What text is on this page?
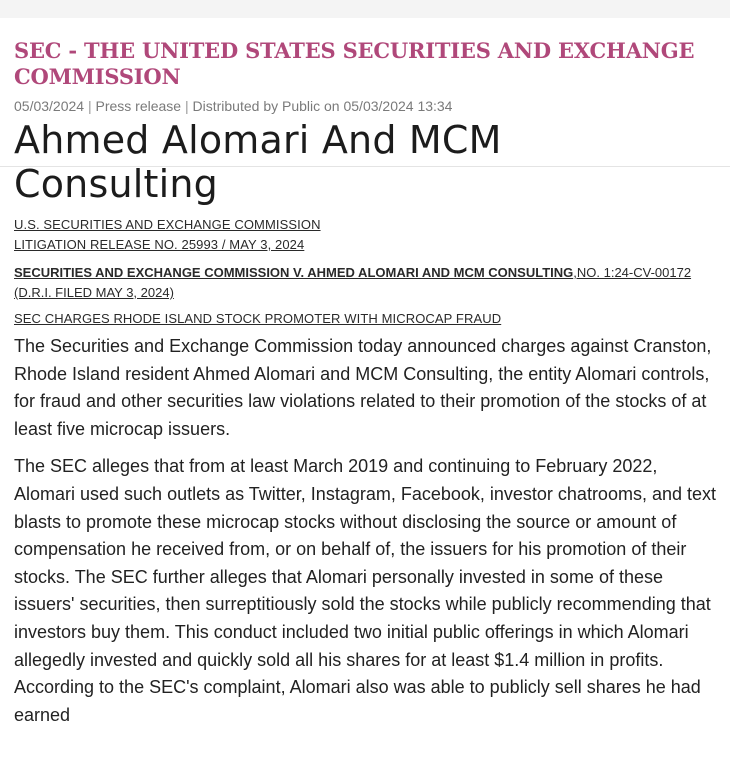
SEC - THE UNITED STATES SECURITIES AND EXCHANGE COMMISSION
05/03/2024 | Press release | Distributed by Public on 05/03/2024 13:34
Ahmed Alomari And MCM Consulting
U.S. SECURITIES AND EXCHANGE COMMISSION
LITIGATION RELEASE NO. 25993 / MAY 3, 2024
SECURITIES AND EXCHANGE COMMISSION V. AHMED ALOMARI AND MCM CONSULTING,NO. 1:24-CV-00172 (D.R.I. FILED MAY 3, 2024)
SEC CHARGES RHODE ISLAND STOCK PROMOTER WITH MICROCAP FRAUD

The Securities and Exchange Commission today announced charges against Cranston, Rhode Island resident Ahmed Alomari and MCM Consulting, the entity Alomari controls, for fraud and other securities law violations related to their promotion of the stocks of at least five microcap issuers.

The SEC alleges that from at least March 2019 and continuing to February 2022, Alomari used such outlets as Twitter, Instagram, Facebook, investor chatrooms, and text blasts to promote these microcap stocks without disclosing the source or amount of compensation he received from, or on behalf of, the issuers for his promotion of their stocks. The SEC further alleges that Alomari personally invested in some of these issuers' securities, then surreptitiously sold the stocks while publicly recommending that investors buy them. This conduct included two initial public offerings in which Alomari allegedly invested and quickly sold all his shares for at least $1.4 million in profits. According to the SEC's complaint, Alomari also was able to publicly sell shares he had earned
